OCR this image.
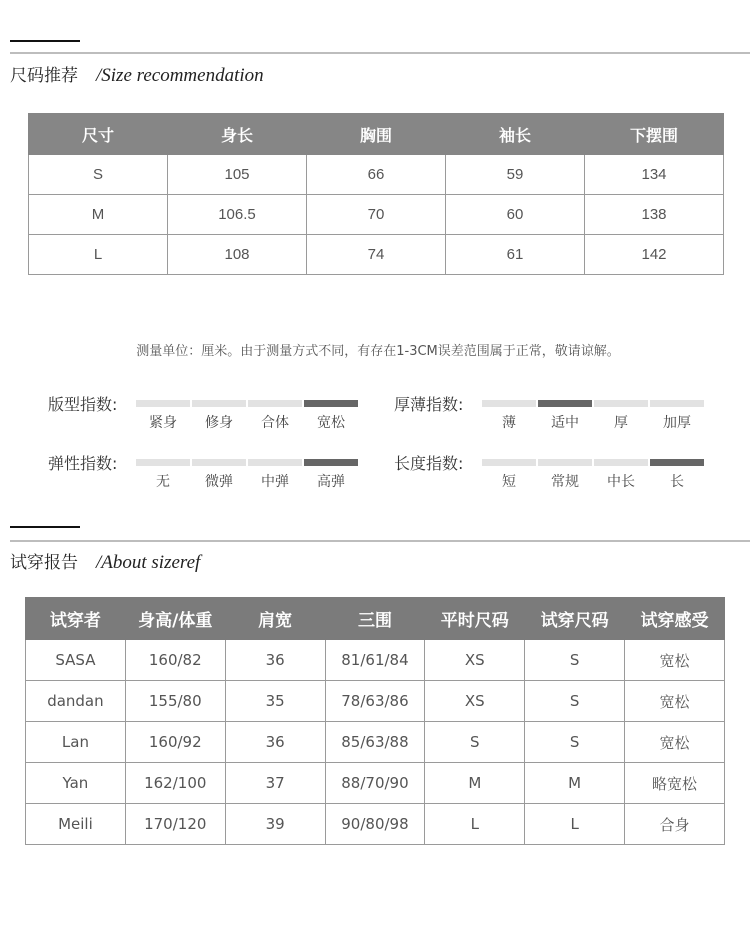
尺码推荐 /Size recommendation
尺寸	身长	胸围	袖长	下摆围
S	105	66	59	134
M	106.5	70	60	138
L	108	74	61	142
测量单位：厘米。由于测量方式不同，有存在1-3CM误差范围属于正常，敬请谅解。
版型指数:
紧身	修身	合体	宽松
厚薄指数:
薄	适中	厚	加厚
弹性指数:
无	微弹	中弹	高弹
长度指数:
短	常规	中长	长
试穿报告 /About sizeref
试穿者	身高/体重	肩宽	三围	平时尺码	试穿尺码	试穿感受
SASA	160/82	36	81/61/84	XS	S	宽松
dandan	155/80	35	78/63/86	XS	S	宽松
Lan	160/92	36	85/63/88	S	S	宽松
Yan	162/100	37	88/70/90	M	M	略宽松
Meili	170/120	39	90/80/98	L	L	合身
